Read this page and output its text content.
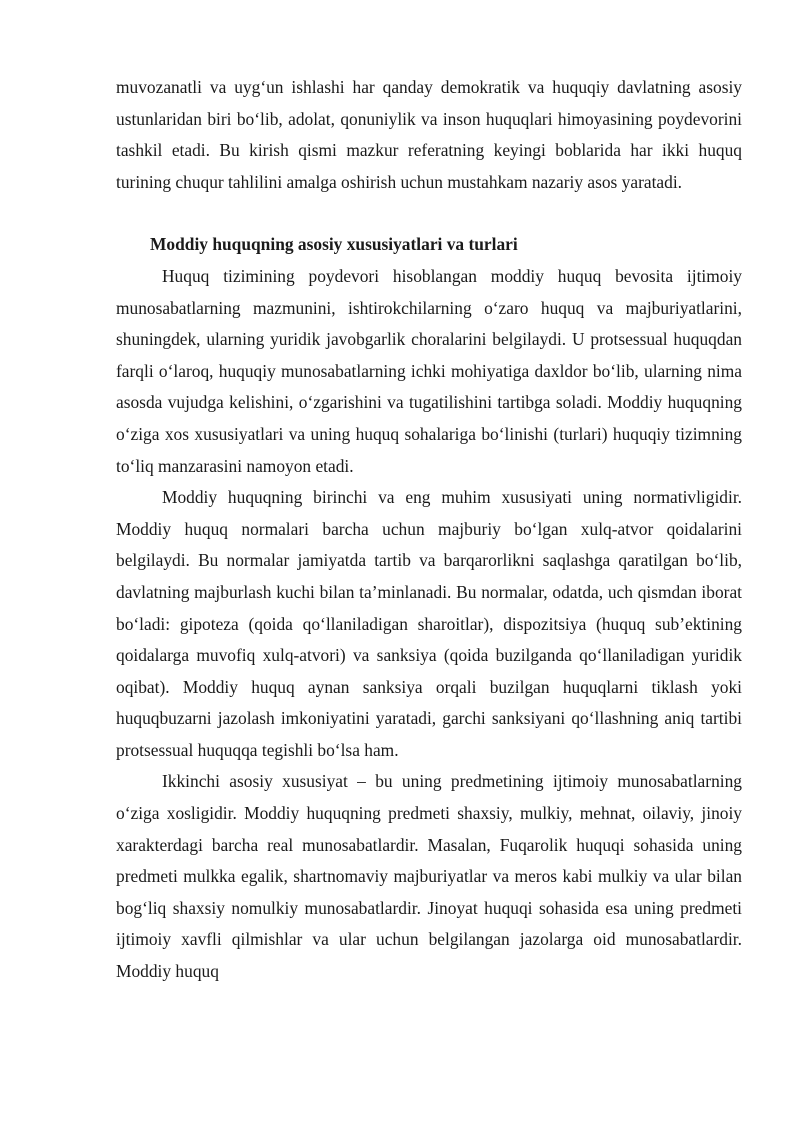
muvozanatli va uyg‘un ishlashi har qanday demokratik va huquqiy davlatning asosiy ustunlaridan biri bo‘lib, adolat, qonuniylik va inson huquqlari himoyasining poydevorini tashkil etadi. Bu kirish qismi mazkur referatning keyingi boblarida har ikki huquq turining chuqur tahlilini amalga oshirish uchun mustahkam nazariy asos yaratadi.

Moddiy huquqning asosiy xususiyatlari va turlari

Huquq tizimining poydevori hisoblangan moddiy huquq bevosita ijtimoiy munosabatlarning mazmunini, ishtirokchilarning o‘zaro huquq va majburiyatlarini, shuningdek, ularning yuridik javobgarlik choralarini belgilaydi. U protsessual huquqdan farqli o‘laroq, huquqiy munosabatlarning ichki mohiyatiga daxldor bo‘lib, ularning nima asosda vujudga kelishini, o‘zgarishini va tugatilishini tartibga soladi. Moddiy huquqning o‘ziga xos xususiyatlari va uning huquq sohalariga bo‘linishi (turlari) huquqiy tizimning to‘liq manzarasini namoyon etadi.

Moddiy huquqning birinchi va eng muhim xususiyati uning normativligidir. Moddiy huquq normalari barcha uchun majburiy bo‘lgan xulq-atvor qoidalarini belgilaydi. Bu normalar jamiyatda tartib va barqarorlikni saqlashga qaratilgan bo‘lib, davlatning majburlash kuchi bilan ta’minlanadi. Bu normalar, odatda, uch qismdan iborat bo‘ladi: gipoteza (qoida qo‘llaniladigan sharoitlar), dispozitsiya (huquq sub’ektining qoidalarga muvofiq xulq-atvori) va sanksiya (qoida buzilganda qo‘llaniladigan yuridik oqibat). Moddiy huquq aynan sanksiya orqali buzilgan huquqlarni tiklash yoki huquqbuzarni jazolash imkoniyatini yaratadi, garchi sanksiyani qo‘llashning aniq tartibi protsessual huquqqa tegishli bo‘lsa ham.

Ikkinchi asosiy xususiyat – bu uning predmetining ijtimoiy munosabatlarning o‘ziga xosligidir. Moddiy huquqning predmeti shaxsiy, mulkiy, mehnat, oilaviy, jinoiy xarakterdagi barcha real munosabatlardir. Masalan, Fuqarolik huquqi sohasida uning predmeti mulkka egalik, shartnomaviy majburiyatlar va meros kabi mulkiy va ular bilan bog‘liq shaxsiy nomulkiy munosabatlardir. Jinoyat huquqi sohasida esa uning predmeti ijtimoiy xavfli qilmishlar va ular uchun belgilangan jazolarga oid munosabatlardir. Moddiy huquq
